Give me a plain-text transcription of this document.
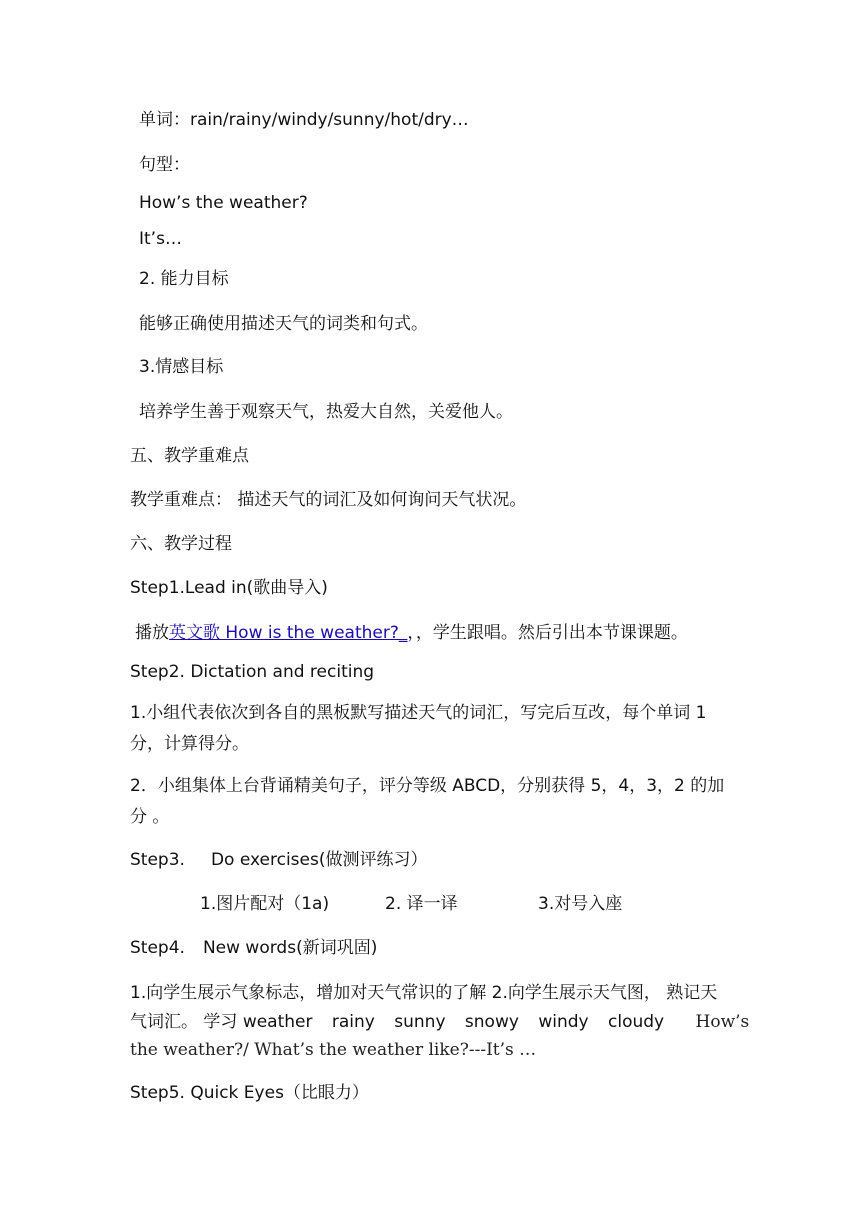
单词：rain/rainy/windy/sunny/hot/dry…
句型：
How’s the weather?
It’s…
2. 能力目标
能够正确使用描述天气的词类和句式。
3.情感目标
培养学生善于观察天气，热爱大自然，关爱他人。
五、教学重难点
教学重难点： 描述天气的词汇及如何询问天气状况。
六、教学过程
Step1.Lead in(歌曲导入)
播放英文歌 How is the weather?_，，学生跟唱。然后引出本节课课题。
Step2. Dictation and reciting
1.小组代表依次到各自的黑板默写描述天气的词汇，写完后互改，每个单词 1
分，计算得分。
2．小组集体上台背诵精美句子，评分等级 ABCD，分别获得 5，4，3，2 的加
分 。
Step3. Do exercises(做测评练习）
1.图片配对（1a)	2. 译一译	3.对号入座
Step4. New words(新词巩固)
1.向学生展示气象标志，增加对天气常识的了解 2.向学生展示天气图， 熟记天
气词汇。 学习 weather rainy sunny snowy windy cloudy How’s
the weather?/ What’s the weather like?---It’s …
Step5. Quick Eyes（比眼力）
